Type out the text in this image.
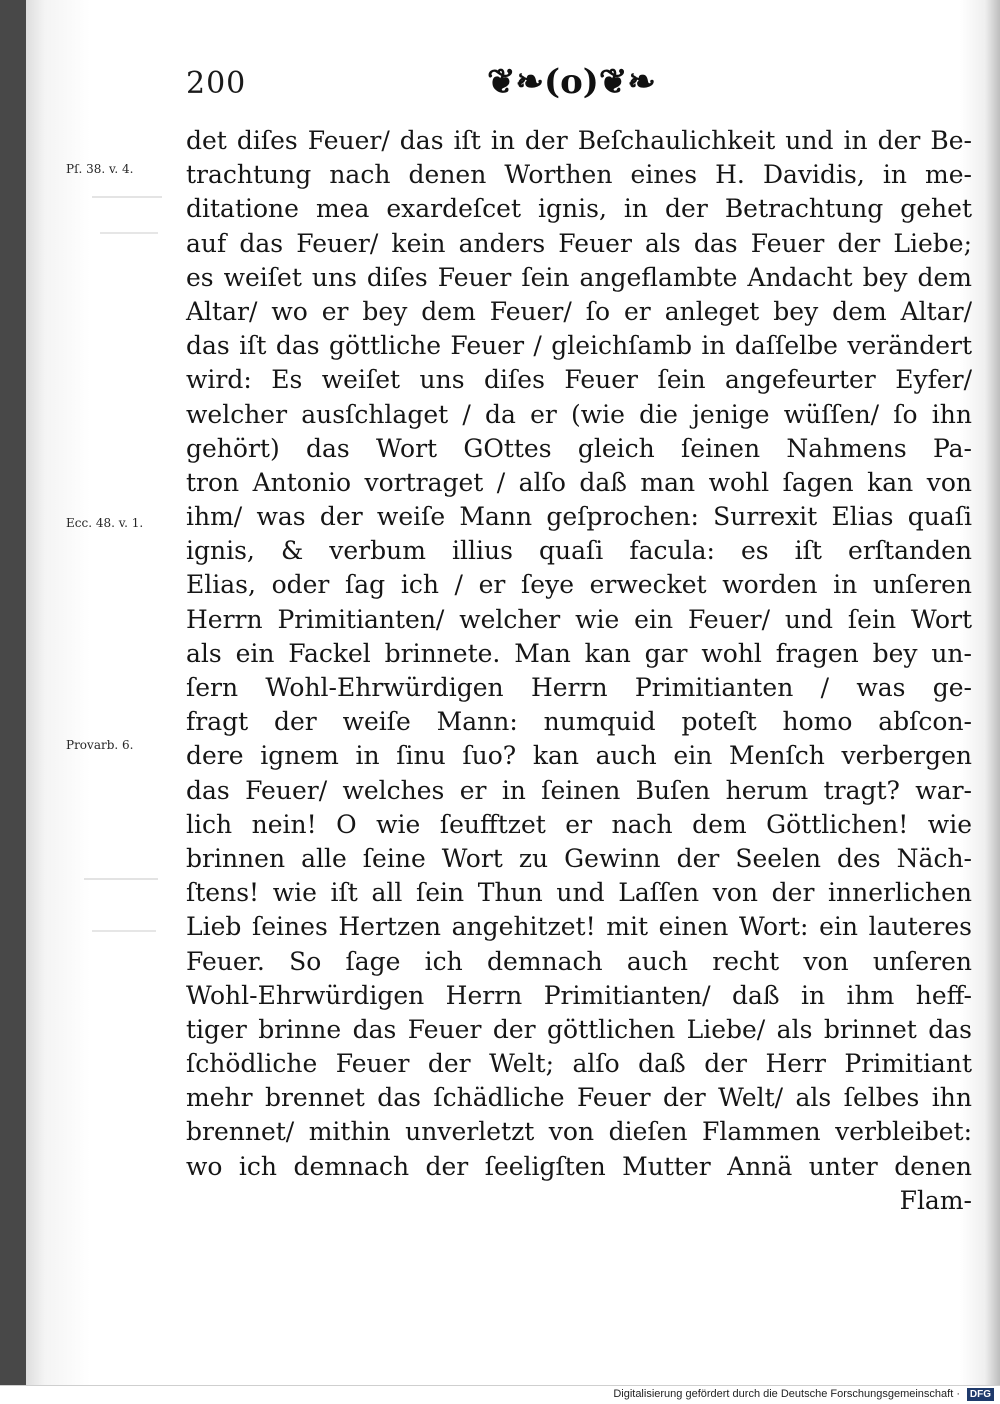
200	❦❧(o)❦❧
Pſ. 38. v. 4.
Ecc. 48. v. 1.
Provarb. 6.
det diſes Feuer/ das iſt in der Beſchaulichkeit und in der Be-
trachtung nach denen Worthen eines H. Davidis, in me-
ditatione mea exardeſcet ignis, in der Betrachtung gehet
auf das Feuer/ kein anders Feuer als das Feuer der Liebe;
es weiſet uns diſes Feuer ſein angeflambte Andacht bey dem
Altar/ wo er bey dem Feuer/ ſo er anleget bey dem Altar/
das iſt das göttliche Feuer / gleichſamb in daſſelbe verändert
wird: Es weiſet uns diſes Feuer ſein angefeurter Eyfer/
welcher ausſchlaget / da er (wie die jenige wüſſen/ ſo ihn
gehört) das Wort GOttes gleich ſeinen Nahmens Pa-
tron Antonio vortraget / alſo daß man wohl ſagen kan von
ihm/ was der weiſe Mann geſprochen: Surrexit Elias quaſi
ignis, & verbum illius quaſi facula: es iſt erſtanden
Elias, oder ſag ich / er ſeye erwecket worden in unſeren
Herrn Primitianten/ welcher wie ein Feuer/ und ſein Wort
als ein Fackel brinnete. Man kan gar wohl fragen bey un-
ſern Wohl-Ehrwürdigen Herrn Primitianten / was ge-
fragt der weiſe Mann: numquid poteſt homo abſcon-
dere ignem in ſinu ſuo? kan auch ein Menſch verbergen
das Feuer/ welches er in ſeinen Buſen herum tragt? war-
lich nein! O wie ſeufftzet er nach dem Göttlichen! wie
brinnen alle ſeine Wort zu Gewinn der Seelen des Näch-
ſtens! wie iſt all ſein Thun und Laſſen von der innerlichen
Lieb ſeines Hertzen angehitzet! mit einen Wort: ein lauteres
Feuer. So ſage ich demnach auch recht von unſeren
Wohl-Ehrwürdigen Herrn Primitianten/ daß in ihm heff-
tiger brinne das Feuer der göttlichen Liebe/ als brinnet das
ſchödliche Feuer der Welt; alſo daß der Herr Primitiant
mehr brennet das ſchädliche Feuer der Welt/ als ſelbes ihn
brennet/ mithin unverletzt von dieſen Flammen verbleibet:
wo ich demnach der ſeeligſten Mutter Annä unter denen
Flam-
Digitalisierung gefördert durch die Deutsche Forschungsgemeinschaft · DFG
